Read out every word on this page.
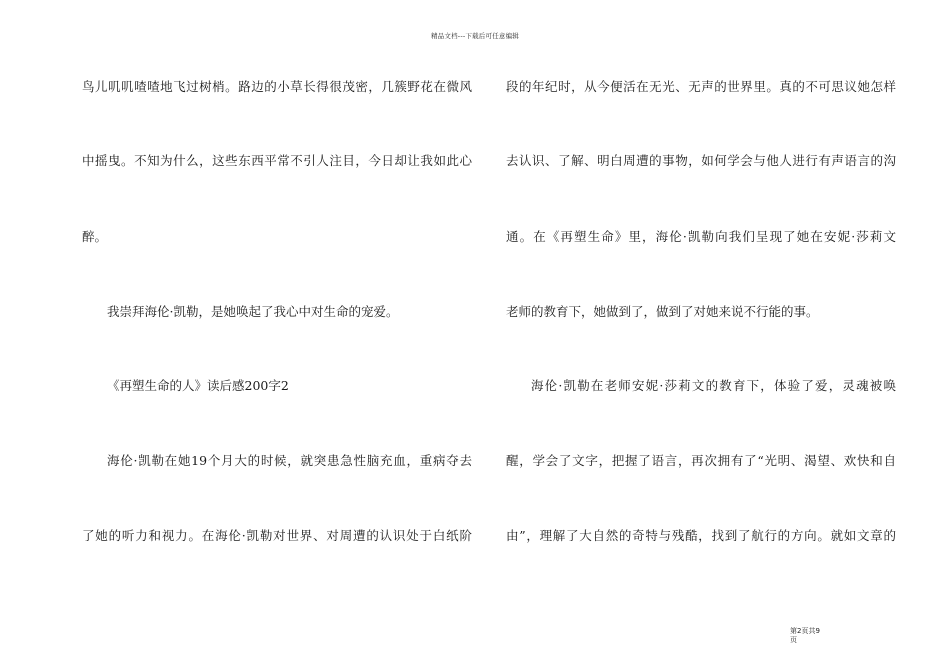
精品文档---下载后可任意编辑
鸟儿叽叽喳喳地飞过树梢。路边的小草长得很茂密，几簇野花在微风
中摇曳。不知为什么，这些东西平常不引人注目，今日却让我如此心
醉。
我崇拜海伦·凯勒，是她唤起了我心中对生命的宠爱。
《再塑生命的人》读后感200字2
海伦·凯勒在她19个月大的时候，就突患急性脑充血，重病夺去
了她的听力和视力。在海伦·凯勒对世界、对周遭的认识处于白纸阶
段的年纪时，从今便活在无光、无声的世界里。真的不可思议她怎样
去认识、了解、明白周遭的事物，如何学会与他人进行有声语言的沟
通。在《再塑生命》里，海伦·凯勒向我们呈现了她在安妮·莎莉文
老师的教育下，她做到了，做到了对她来说不行能的事。
海伦·凯勒在老师安妮·莎莉文的教育下，体验了爱，灵魂被唤
醒，学会了文字，把握了语言，再次拥有了“光明、渴望、欢快和自
由”，理解了大自然的奇特与残酷，找到了航行的方向。就如文章的
第2页共9
页
